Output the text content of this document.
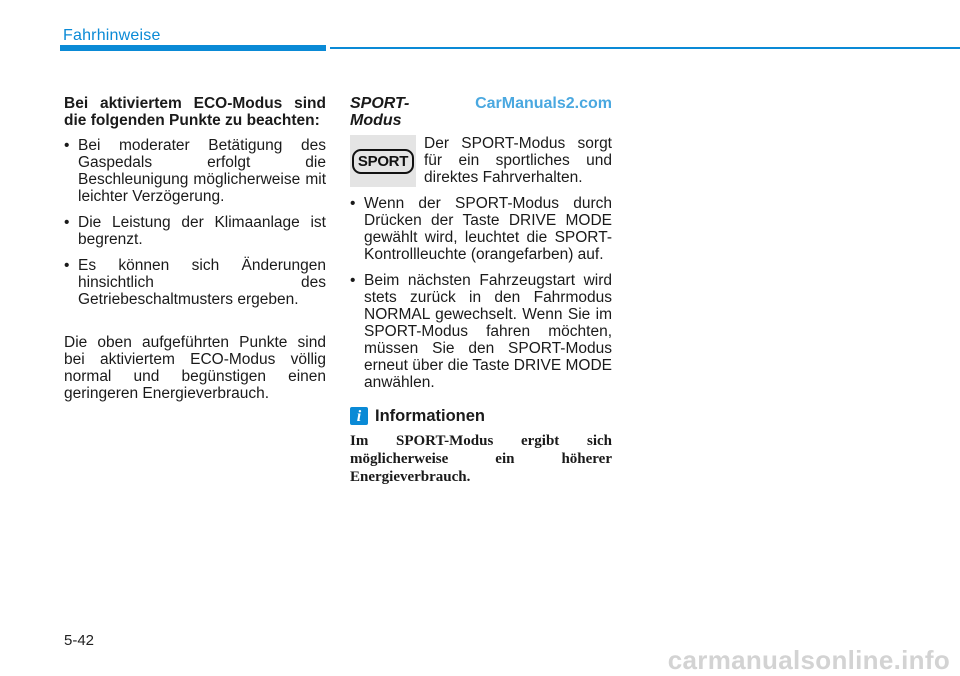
Fahrhinweise
Bei aktiviertem ECO-Modus sind die folgenden Punkte zu beachten:
• Bei moderater Betätigung des Gaspedals erfolgt die Beschleunigung möglicherweise mit leichter Verzögerung.
• Die Leistung der Klimaanlage ist begrenzt.
• Es können sich Änderungen hinsichtlich des Getriebeschaltmusters ergeben.
Die oben aufgeführten Punkte sind bei aktiviertem ECO-Modus völlig normal und begünstigen einen geringeren Energieverbrauch.
SPORT-Modus
CarManuals2.com
SPORT
Der SPORT-Modus sorgt für ein sportliches und direktes Fahrverhalten.
• Wenn der SPORT-Modus durch Drücken der Taste DRIVE MODE gewählt wird, leuchtet die SPORT-Kontrollleuchte (orangefarben) auf.
• Beim nächsten Fahrzeugstart wird stets zurück in den Fahrmodus NORMAL gewechselt. Wenn Sie im SPORT-Modus fahren möchten, müssen Sie den SPORT-Modus erneut über die Taste DRIVE MODE anwählen.
i Informationen
Im SPORT-Modus ergibt sich möglicherweise ein höherer Energieverbrauch.
5-42
carmanualsonline.info
